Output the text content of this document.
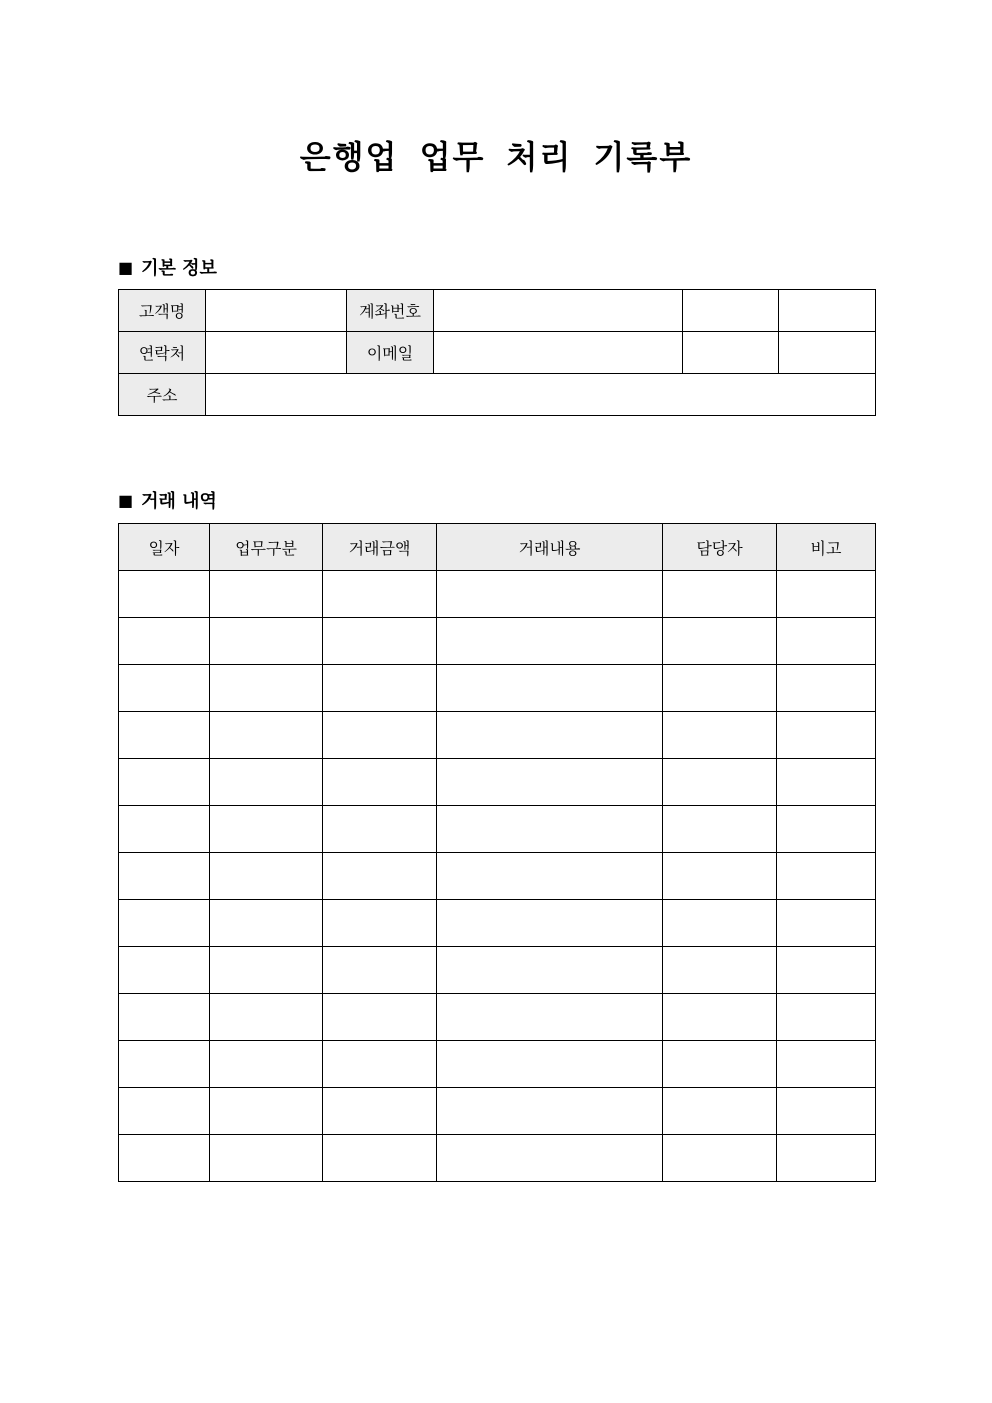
은행업 업무 처리 기록부
■ 기본 정보
고객명		계좌번호			
연락처		이메일			
주소					
■ 거래 내역
일자	업무구분	거래금액	거래내용	담당자	비고
